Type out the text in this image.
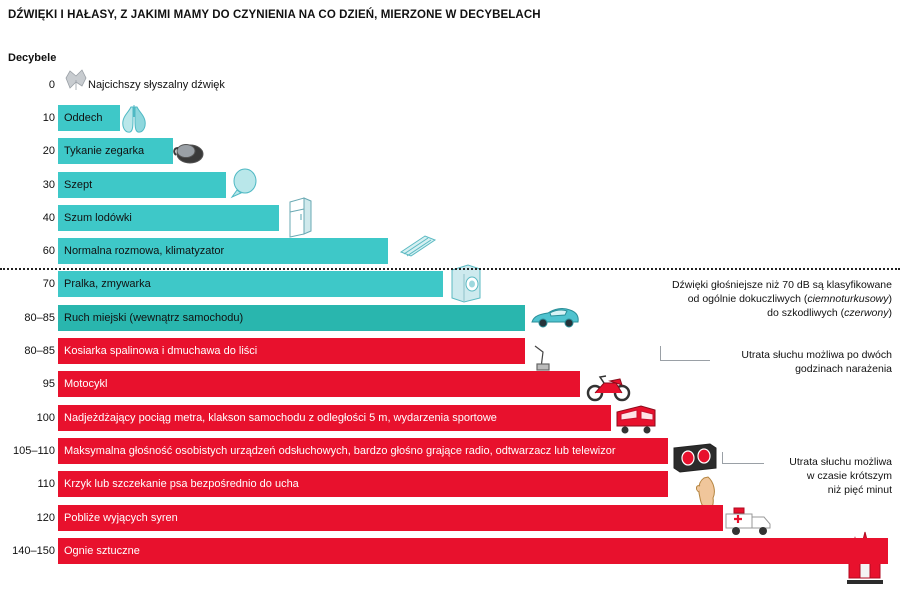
DŹWIĘKI I HAŁASY, Z JAKIMI MAMY DO CZYNIENIA NA CO DZIEŃ, MIERZONE W DECYBELACH
Decybele
0	Najcichszy słyszalny dźwięk
10 Oddech
20 Tykanie zegarka
30 Szept
40 Szum lodówki
60 Normalna rozmowa, klimatyzator
70 Pralka, zmywarka
80–85 Ruch miejski (wewnątrz samochodu)
80–85 Kosiarka spalinowa i dmuchawa do liści
95 Motocykl
100 Nadjeżdżający pociąg metra, klakson samochodu z odległości 5 m, wydarzenia sportowe
105–110 Maksymalna głośność osobistych urządzeń odsłuchowych, bardzo głośno grające radio, odtwarzacz lub telewizor
110 Krzyk lub szczekanie psa bezpośrednio do ucha
120 Pobliże wyjących syren
140–150 Ognie sztuczne
Dźwięki głośniejsze niż 70 dB są klasyfikowane
od ogólnie dokuczliwych (ciemnoturkusowy)
do szkodliwych (czerwony)
Utrata słuchu możliwa po dwóch
godzinach narażenia
Utrata słuchu możliwa
w czasie krótszym
niż pięć minut
